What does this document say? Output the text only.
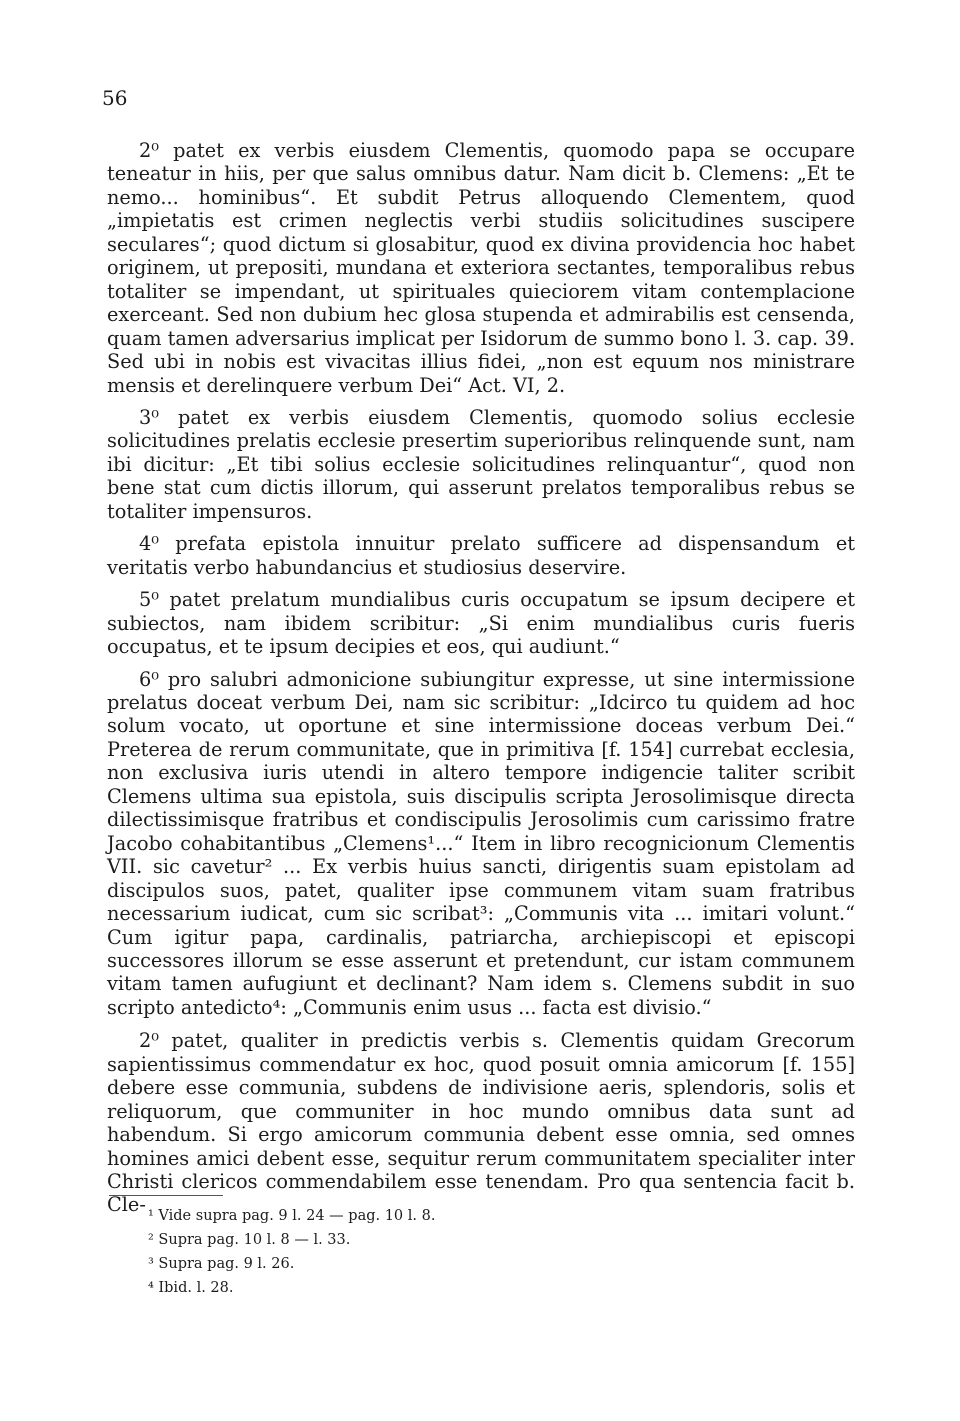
56

2⁰ patet ex verbis eiusdem Clementis, quomodo papa se occupare teneatur in hiis, per que salus omnibus datur. Nam dicit b. Clemens: „Et te nemo... hominibus“. Et subdit Petrus alloquendo Clementem, quod „impietatis est crimen neglectis verbi studiis solicitudines suscipere seculares“; quod dictum si glosabitur, quod ex divina providencia hoc habet originem, ut prepositi, mundana et exteriora sectantes, temporalibus rebus totaliter se impendant, ut spirituales quieciorem vitam contemplacione exerceant. Sed non dubium hec glosa stupenda et admirabilis est censenda, quam tamen adversarius implicat per Isidorum de summo bono l. 3. cap. 39. Sed ubi in nobis est vivacitas illius fidei, „non est equum nos ministrare mensis et derelinquere verbum Dei“ Act. VI, 2.

3⁰ patet ex verbis eiusdem Clementis, quomodo solius ecclesie solicitudines prelatis ecclesie presertim superioribus relinquende sunt, nam ibi dicitur: „Et tibi solius ecclesie solicitudines relinquantur“, quod non bene stat cum dictis illorum, qui asserunt prelatos temporalibus rebus se totaliter impensuros.

4⁰ prefata epistola innuitur prelato sufficere ad dispensandum et veritatis verbo habundancius et studiosius deservire.

5⁰ patet prelatum mundialibus curis occupatum se ipsum decipere et subiectos, nam ibidem scribitur: „Si enim mundialibus curis fueris occupatus, et te ipsum decipies et eos, qui audiunt.“

6⁰ pro salubri admonicione subiungitur expresse, ut sine intermissione prelatus doceat verbum Dei, nam sic scribitur: „Idcirco tu quidem ad hoc solum vocato, ut oportune et sine intermissione doceas verbum Dei.“ Preterea de rerum communitate, que in primitiva [f. 154] currebat ecclesia, non exclusiva iuris utendi in altero tempore indigencie taliter scribit Clemens ultima sua epistola, suis discipulis scripta Jerosolimisque directa dilectissimisque fratribus et condiscipulis Jerosolimis cum carissimo fratre Jacobo cohabitantibus „Clemens¹...“ Item in libro recognicionum Clementis VII. sic cavetur² ... Ex verbis huius sancti, dirigentis suam epistolam ad discipulos suos, patet, qualiter ipse communem vitam suam fratribus necessarium iudicat, cum sic scribat³: „Communis vita ... imitari volunt.“ Cum igitur papa, cardinalis, patriarcha, archiepiscopi et episcopi successores illorum se esse asserunt et pretendunt, cur istam communem vitam tamen aufugiunt et declinant? Nam idem s. Clemens subdit in suo scripto antedicto⁴: „Communis enim usus ... facta est divisio.“

2⁰ patet, qualiter in predictis verbis s. Clementis quidam Grecorum sapientissimus commendatur ex hoc, quod posuit omnia amicorum [f. 155] debere esse communia, subdens de indivisione aeris, splendoris, solis et reliquorum, que communiter in hoc mundo omnibus data sunt ad habendum. Si ergo amicorum communia debent esse omnia, sed omnes homines amici debent esse, sequitur rerum communitatem specialiter inter Christi clericos commendabilem esse tenendam. Pro qua sentencia facit b. Cle- ¹ Vide supra pag. 9 l. 24 — pag. 10 l. 8.

² Supra pag. 10 l. 8 — l. 33.

³ Supra pag. 9 l. 26.

⁴ Ibid. l. 28.
